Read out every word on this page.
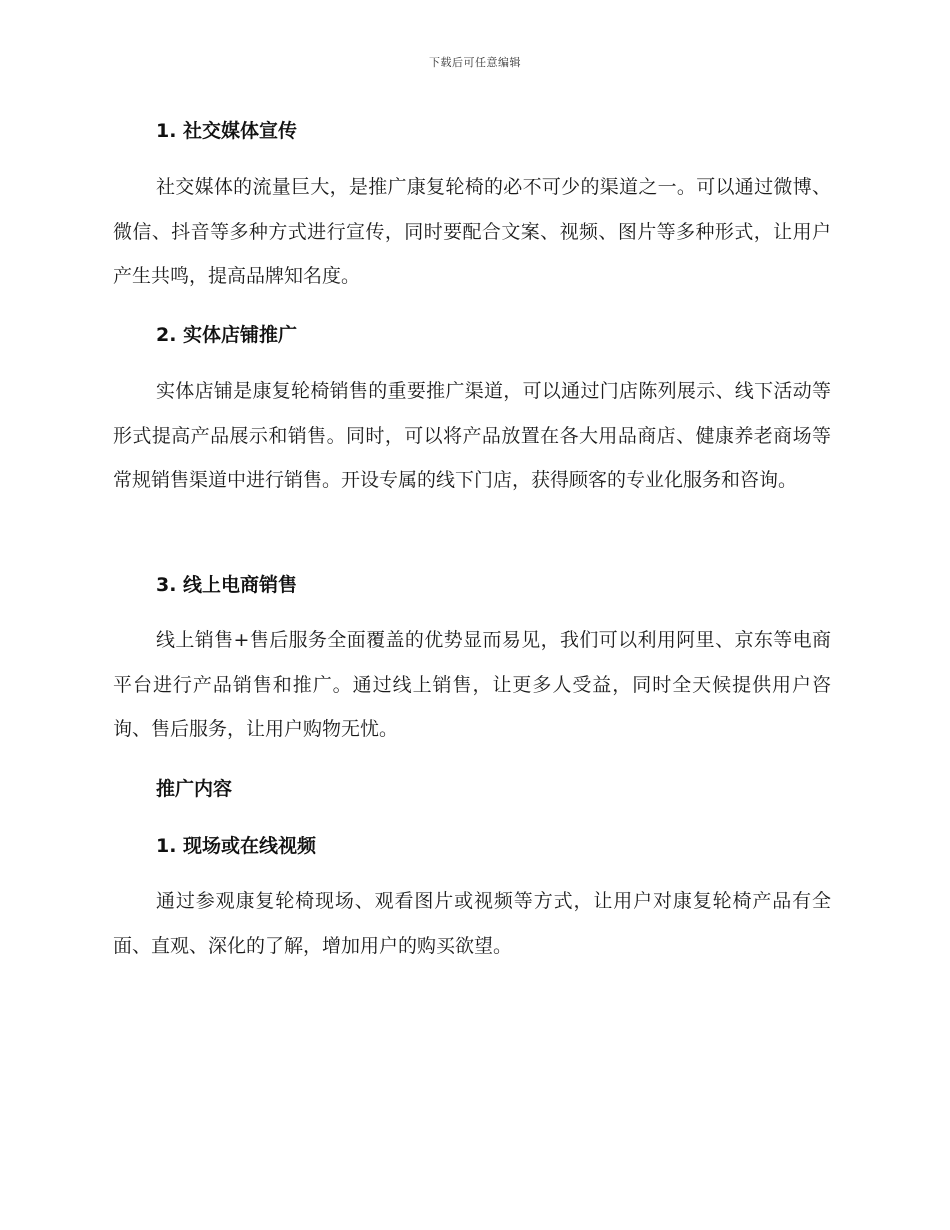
下载后可任意编辑
1. 社交媒体宣传
社交媒体的流量巨大，是推广康复轮椅的必不可少的渠道之一。可以通过微博、微信、抖音等多种方式进行宣传，同时要配合文案、视频、图片等多种形式，让用户产生共鸣，提高品牌知名度。
2. 实体店铺推广
实体店铺是康复轮椅销售的重要推广渠道，可以通过门店陈列展示、线下活动等形式提高产品展示和销售。同时，可以将产品放置在各大用品商店、健康养老商场等常规销售渠道中进行销售。开设专属的线下门店，获得顾客的专业化服务和咨询。
3. 线上电商销售
线上销售+售后服务全面覆盖的优势显而易见，我们可以利用阿里、京东等电商平台进行产品销售和推广。通过线上销售，让更多人受益，同时全天候提供用户咨询、售后服务，让用户购物无忧。
推广内容
1. 现场或在线视频
通过参观康复轮椅现场、观看图片或视频等方式，让用户对康复轮椅产品有全面、直观、深化的了解，增加用户的购买欲望。
